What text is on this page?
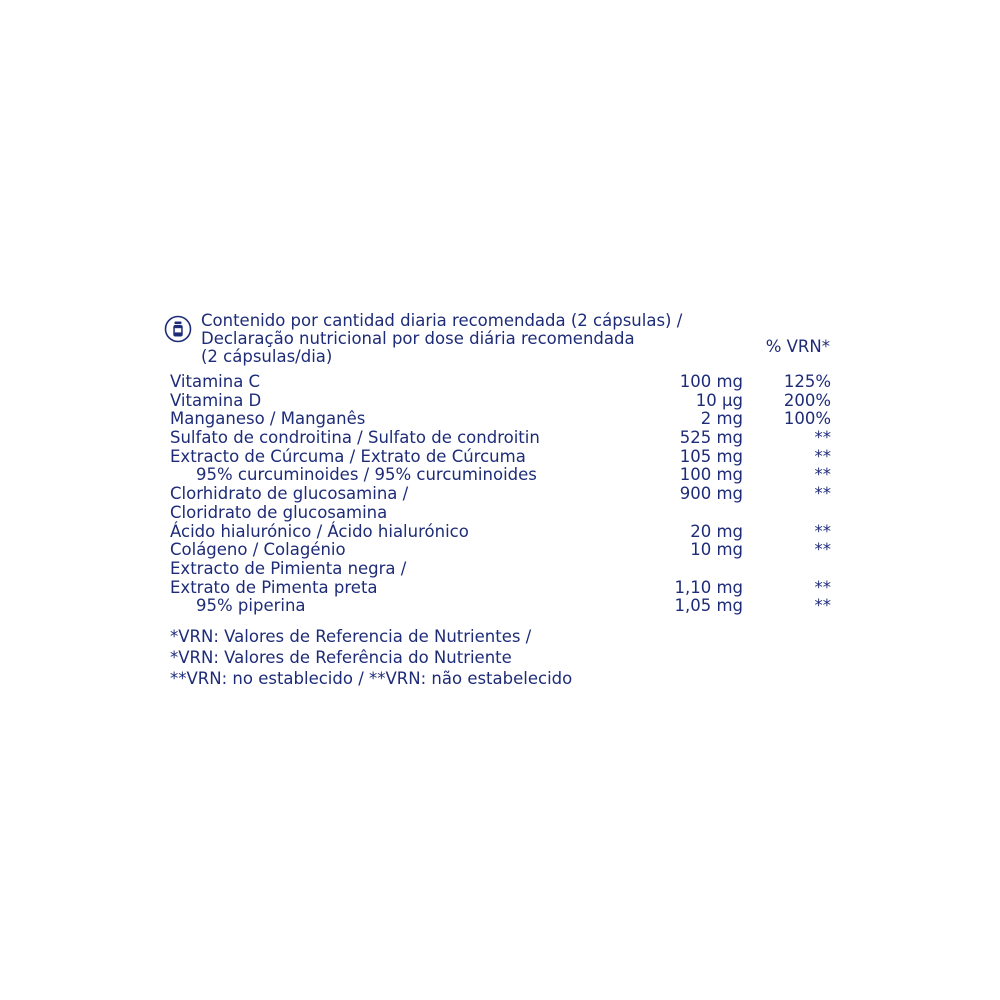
Contenido por cantidad diaria recomendada (2 cápsulas) /
Declaração nutricional por dose diária recomendada
(2 cápsulas/dia)
% VRN*
Vitamina C	100 mg	125%
Vitamina D	10 µg	200%
Manganeso / Manganês	2 mg	100%
Sulfato de condroitina / Sulfato de condroitin	525 mg	**
Extracto de Cúrcuma / Extrato de Cúrcuma	105 mg	**
95% curcuminoides / 95% curcuminoides	100 mg	**
Clorhidrato de glucosamina /	900 mg	**
Cloridrato de glucosamina
Ácido hialurónico / Ácido hialurónico	20 mg	**
Colágeno / Colagénio	10 mg	**
Extracto de Pimienta negra /
Extrato de Pimenta preta	1,10 mg	**
95% piperina	1,05 mg	**
*VRN: Valores de Referencia de Nutrientes /
*VRN: Valores de Referência do Nutriente
**VRN: no establecido / **VRN: não estabelecido
